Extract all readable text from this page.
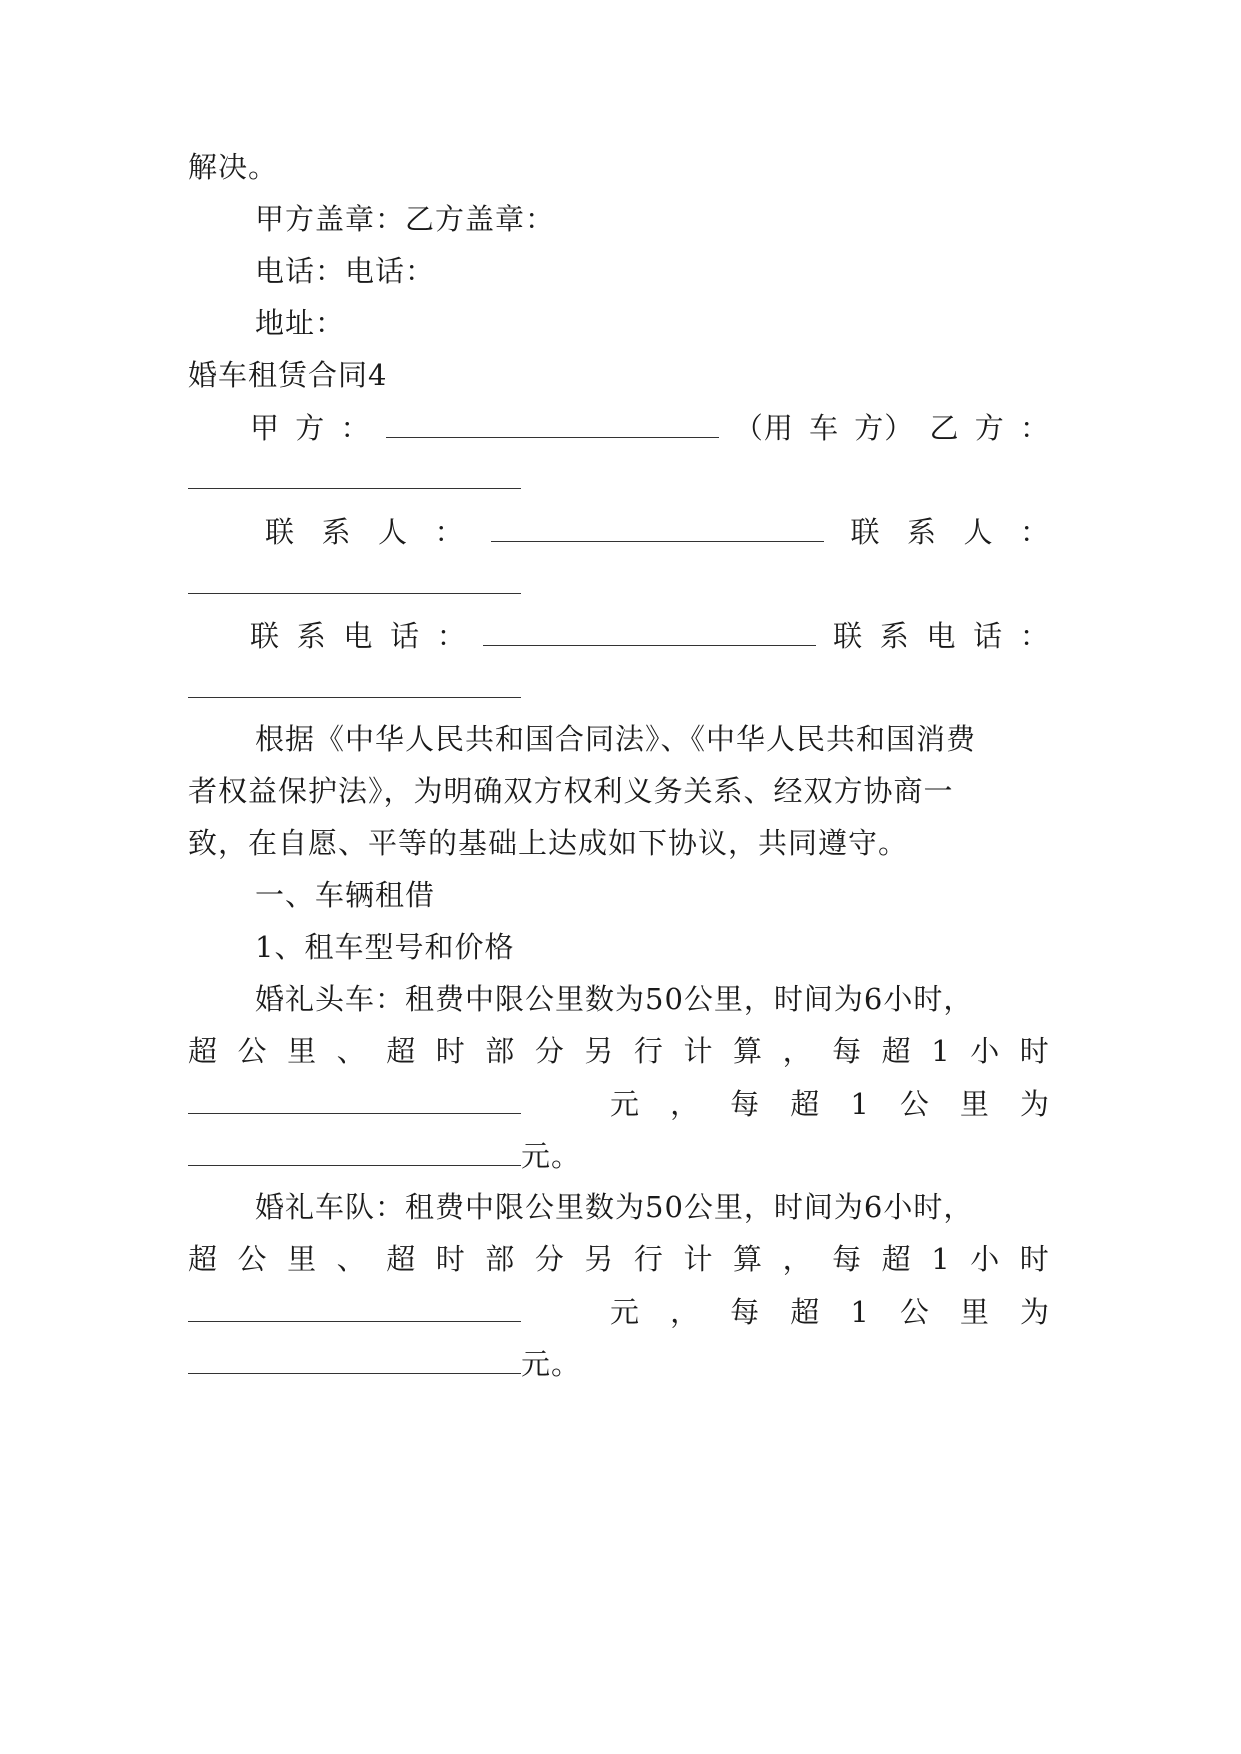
解决。
甲方盖章：乙方盖章：
电话：电话：
地址：
婚车租赁合同4
甲 方 ：	（用 车 方） 乙 方 ：
联 系 人 ：	联 系 人 ：
联 系 电 话 ：	联 系 电 话 ：
根据《中华人民共和国合同法》、《中华人民共和国消费
者权益保护法》，为明确双方权利义务关系、经双方协商一
致，在自愿、平等的基础上达成如下协议，共同遵守。
一、车辆租借
1、租车型号和价格
婚礼头车：租费中限公里数为50公里，时间为6小时，
超 公 里 、 超 时 部 分 另 行 计 算 ， 每 超 1 小 时
元 ， 每 超 1 公 里 为
元。
婚礼车队：租费中限公里数为50公里，时间为6小时，
超 公 里 、 超 时 部 分 另 行 计 算 ， 每 超 1 小 时
元 ， 每 超 1 公 里 为
元。
